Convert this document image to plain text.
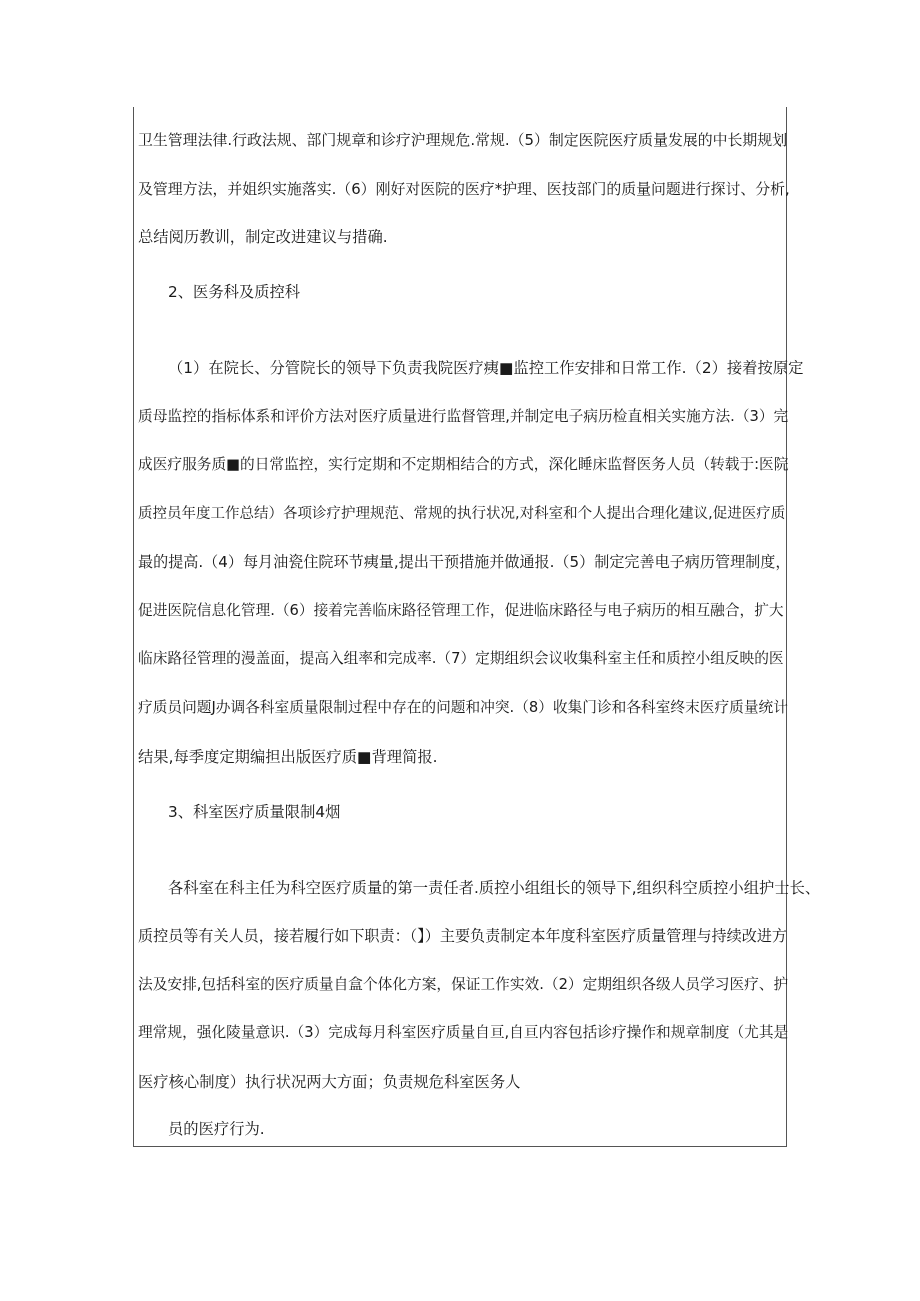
卫生管理法律.行政法规、部门规章和诊疗沪理规危.常规.（5）制定医院医疗质量发展的中长期规划
及管理方法，并姐织实施落实.（6）刚好对医院的医疗*护理、医技部门的质量问题进行探讨、分析,
总结阅历教训，制定改进建议与措确.
2、医务科及质控科
（1）在院长、分管院长的领导下负责我院医疗痍■监控工作安排和日常工作.（2）接着按原定
质母监控的指标体系和评价方法对医疗质量进行监督管理,并制定电子病历检直相关实施方法.（3）完
成医疗服务质■的日常监控，实行定期和不定期相结合的方式，深化睡床监督医务人员（转载于:医院
质控员年度工作总结）各项诊疗护理规范、常规的执行状况,对科室和个人提出合理化建议,促进医疗质
最的提高.（4）每月油瓷住院环节痍量,提出干预措施并做通报.（5）制定完善电子病历管理制度，
促进医院信息化管理.（6）接着完善临床路径管理工作，促进临床路径与电子病历的相互融合，扩大
临床路径管理的漫盖面，提高入组率和完成率.（7）定期组织会议收集科室主任和质控小组反映的医
疗质员问题J办调各科室质量限制过程中存在的问题和冲突.（8）收集门诊和各科室终末医疗质量统计
结果,每季度定期编担出版医疗质■背理简报.
3、科室医疗质量限制4烟
各科室在科主任为科空医疗质量的第一责任者.质控小组组长的领导下,组织科空质控小组护士长、
质控员等有关人员，接若履行如下职责：（】）主要负责制定本年度科室医疗质量管理与持续改进方
法及安排,包括科室的医疗质量自盒个体化方案，保证工作实效.（2）定期组织各级人员学习医疗、护
理常规，强化陵量意识.（3）完成每月科室医疗质量自亘,自亘内容包括诊疗操作和规章制度（尤其是
医疗核心制度）执行状况两大方面；负责规危科室医务人
员的医疗行为.
